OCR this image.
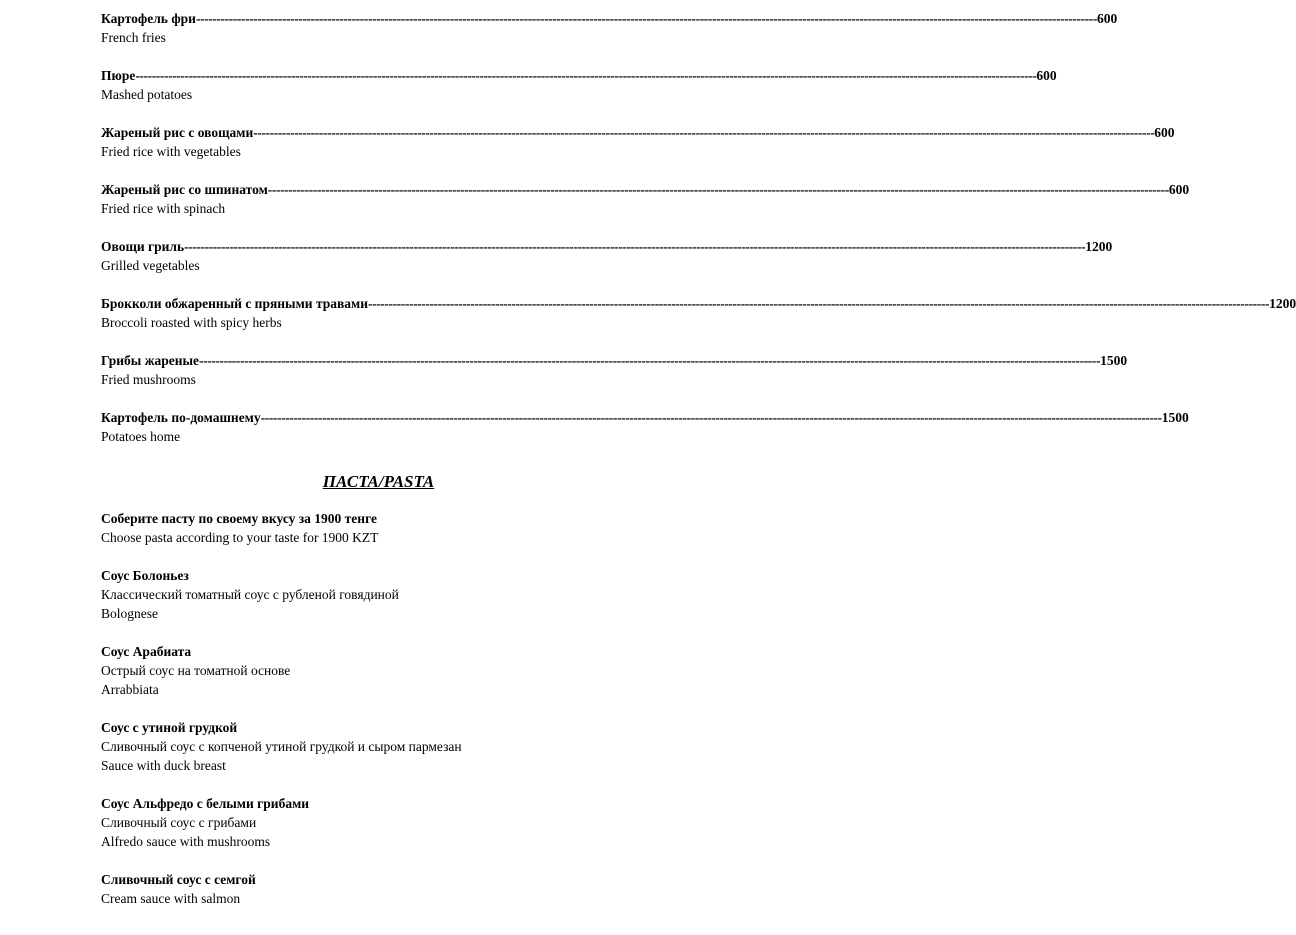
Картофель фри ---------------------------------------------------------------------------------------------------------------------------------------------------------------------------------------------------------------------------- 600
French fries
Пюре ---------------------------------------------------------------------------------------------------------------------------------------------------------------------------------------------------------------------------- 600
Mashed potatoes
Жареный рис с овощами ---------------------------------------------------------------------------------------------------------------------------------------------------------------------------------------------------------------------------- 600
Fried rice with vegetables
Жареный рис со шпинатом ---------------------------------------------------------------------------------------------------------------------------------------------------------------------------------------------------------------------------- 600
Fried rice with spinach
Овощи гриль ---------------------------------------------------------------------------------------------------------------------------------------------------------------------------------------------------------------------------- 1200
Grilled vegetables
Брокколи обжаренный с пряными травами ---------------------------------------------------------------------------------------------------------------------------------------------------------------------------------------------------------------------------- 1200
Broccoli roasted with spicy herbs
Грибы жареные ---------------------------------------------------------------------------------------------------------------------------------------------------------------------------------------------------------------------------- 1500
Fried mushrooms
Картофель по-домашнему ---------------------------------------------------------------------------------------------------------------------------------------------------------------------------------------------------------------------------- 1500
Potatoes home
ПАСТА/PASTA
Соберите пасту по своему вкусу за 1900 тенге
Choose pasta according to your taste for 1900 KZT
Соус Болоньез
Классический томатный соус с рубленой говядиной
Bolognese
Соус Арабиата
Острый соус на томатной основе
Arrabbiata
Соус с утиной грудкой
Сливочный соус с копченой утиной грудкой и сыром пармезан
Sauce with duck breast
Соус Альфредо с белыми грибами
Сливочный соус с грибами
Alfredo sauce with mushrooms
Сливочный соус с семгой
Cream sauce with salmon
